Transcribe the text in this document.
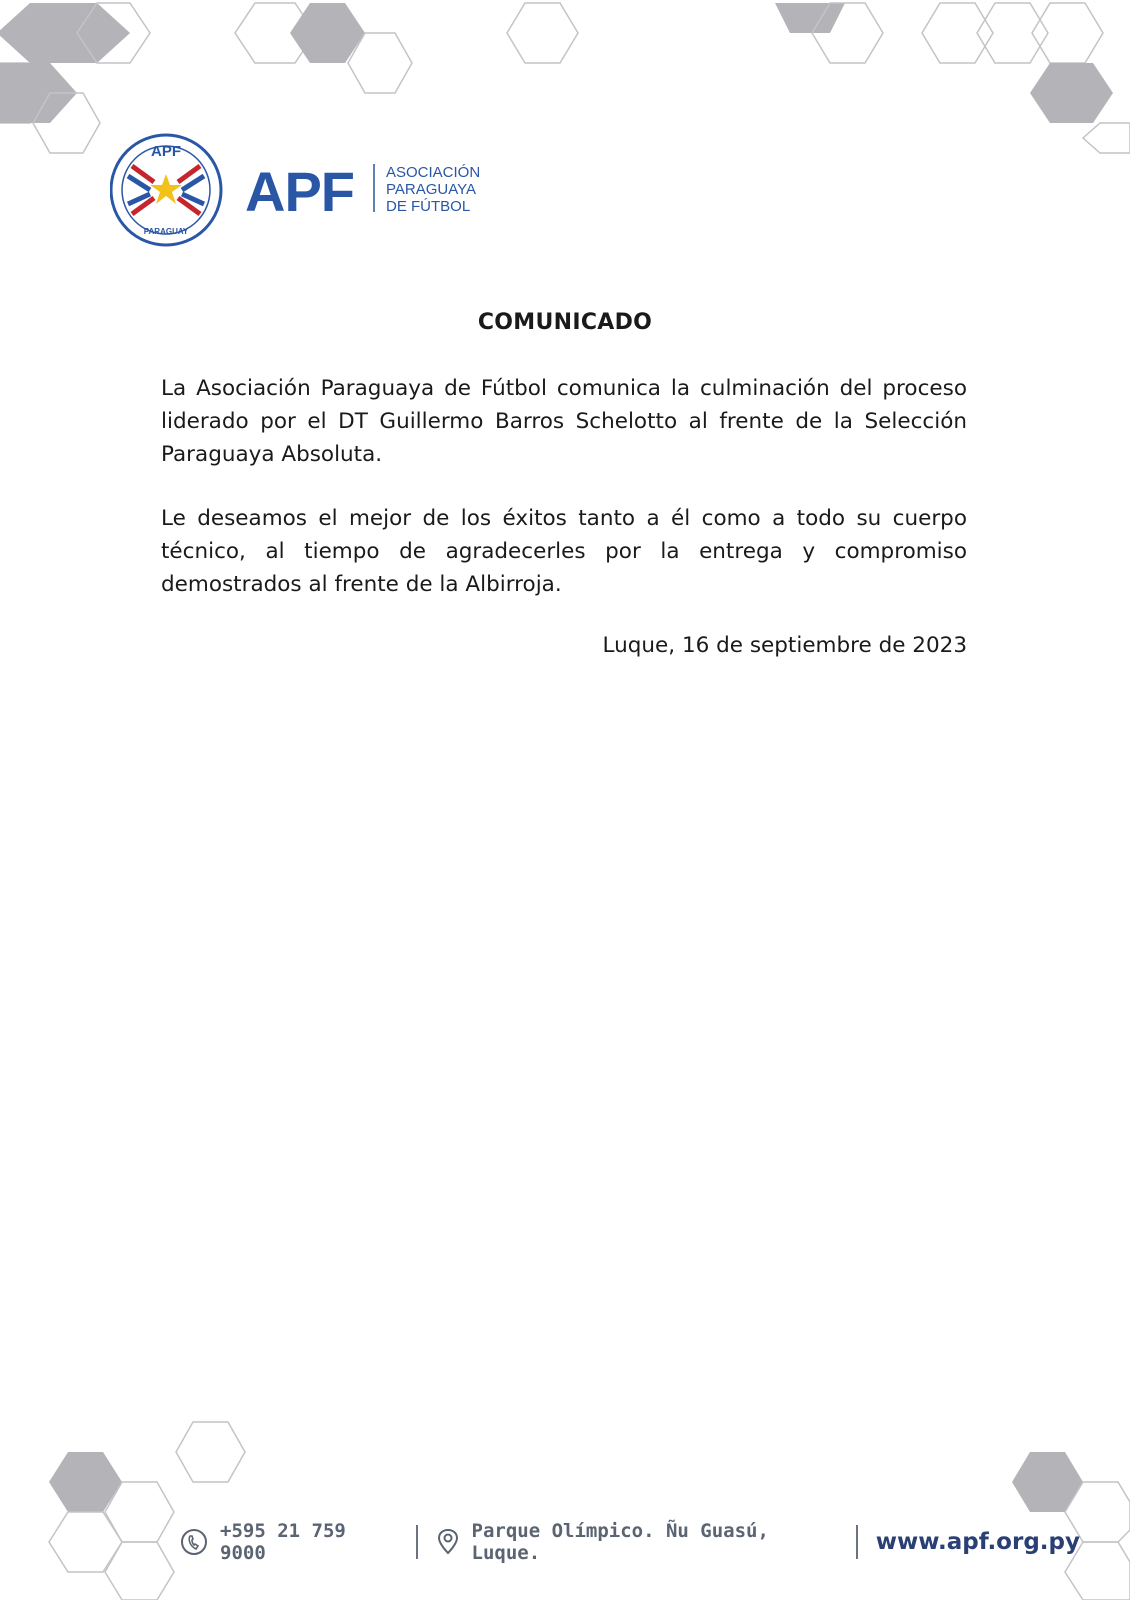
APF
PARAGUAY
APF ASOCIACIÓN
PARAGUAYA
DE FÚTBOL
COMUNICADO

La Asociación Paraguaya de Fútbol comunica la culminación del proceso liderado por el DT Guillermo Barros Schelotto al frente de la Selección Paraguaya Absoluta.

Le deseamos el mejor de los éxitos tanto a él como a todo su cuerpo técnico, al tiempo de agradecerles por la entrega y compromiso demostrados al frente de la Albirroja.

Luque, 16 de septiembre de 2023
+595 21 759 9000
Parque Olímpico. Ñu Guasú, Luque.	www.apf.org.py
